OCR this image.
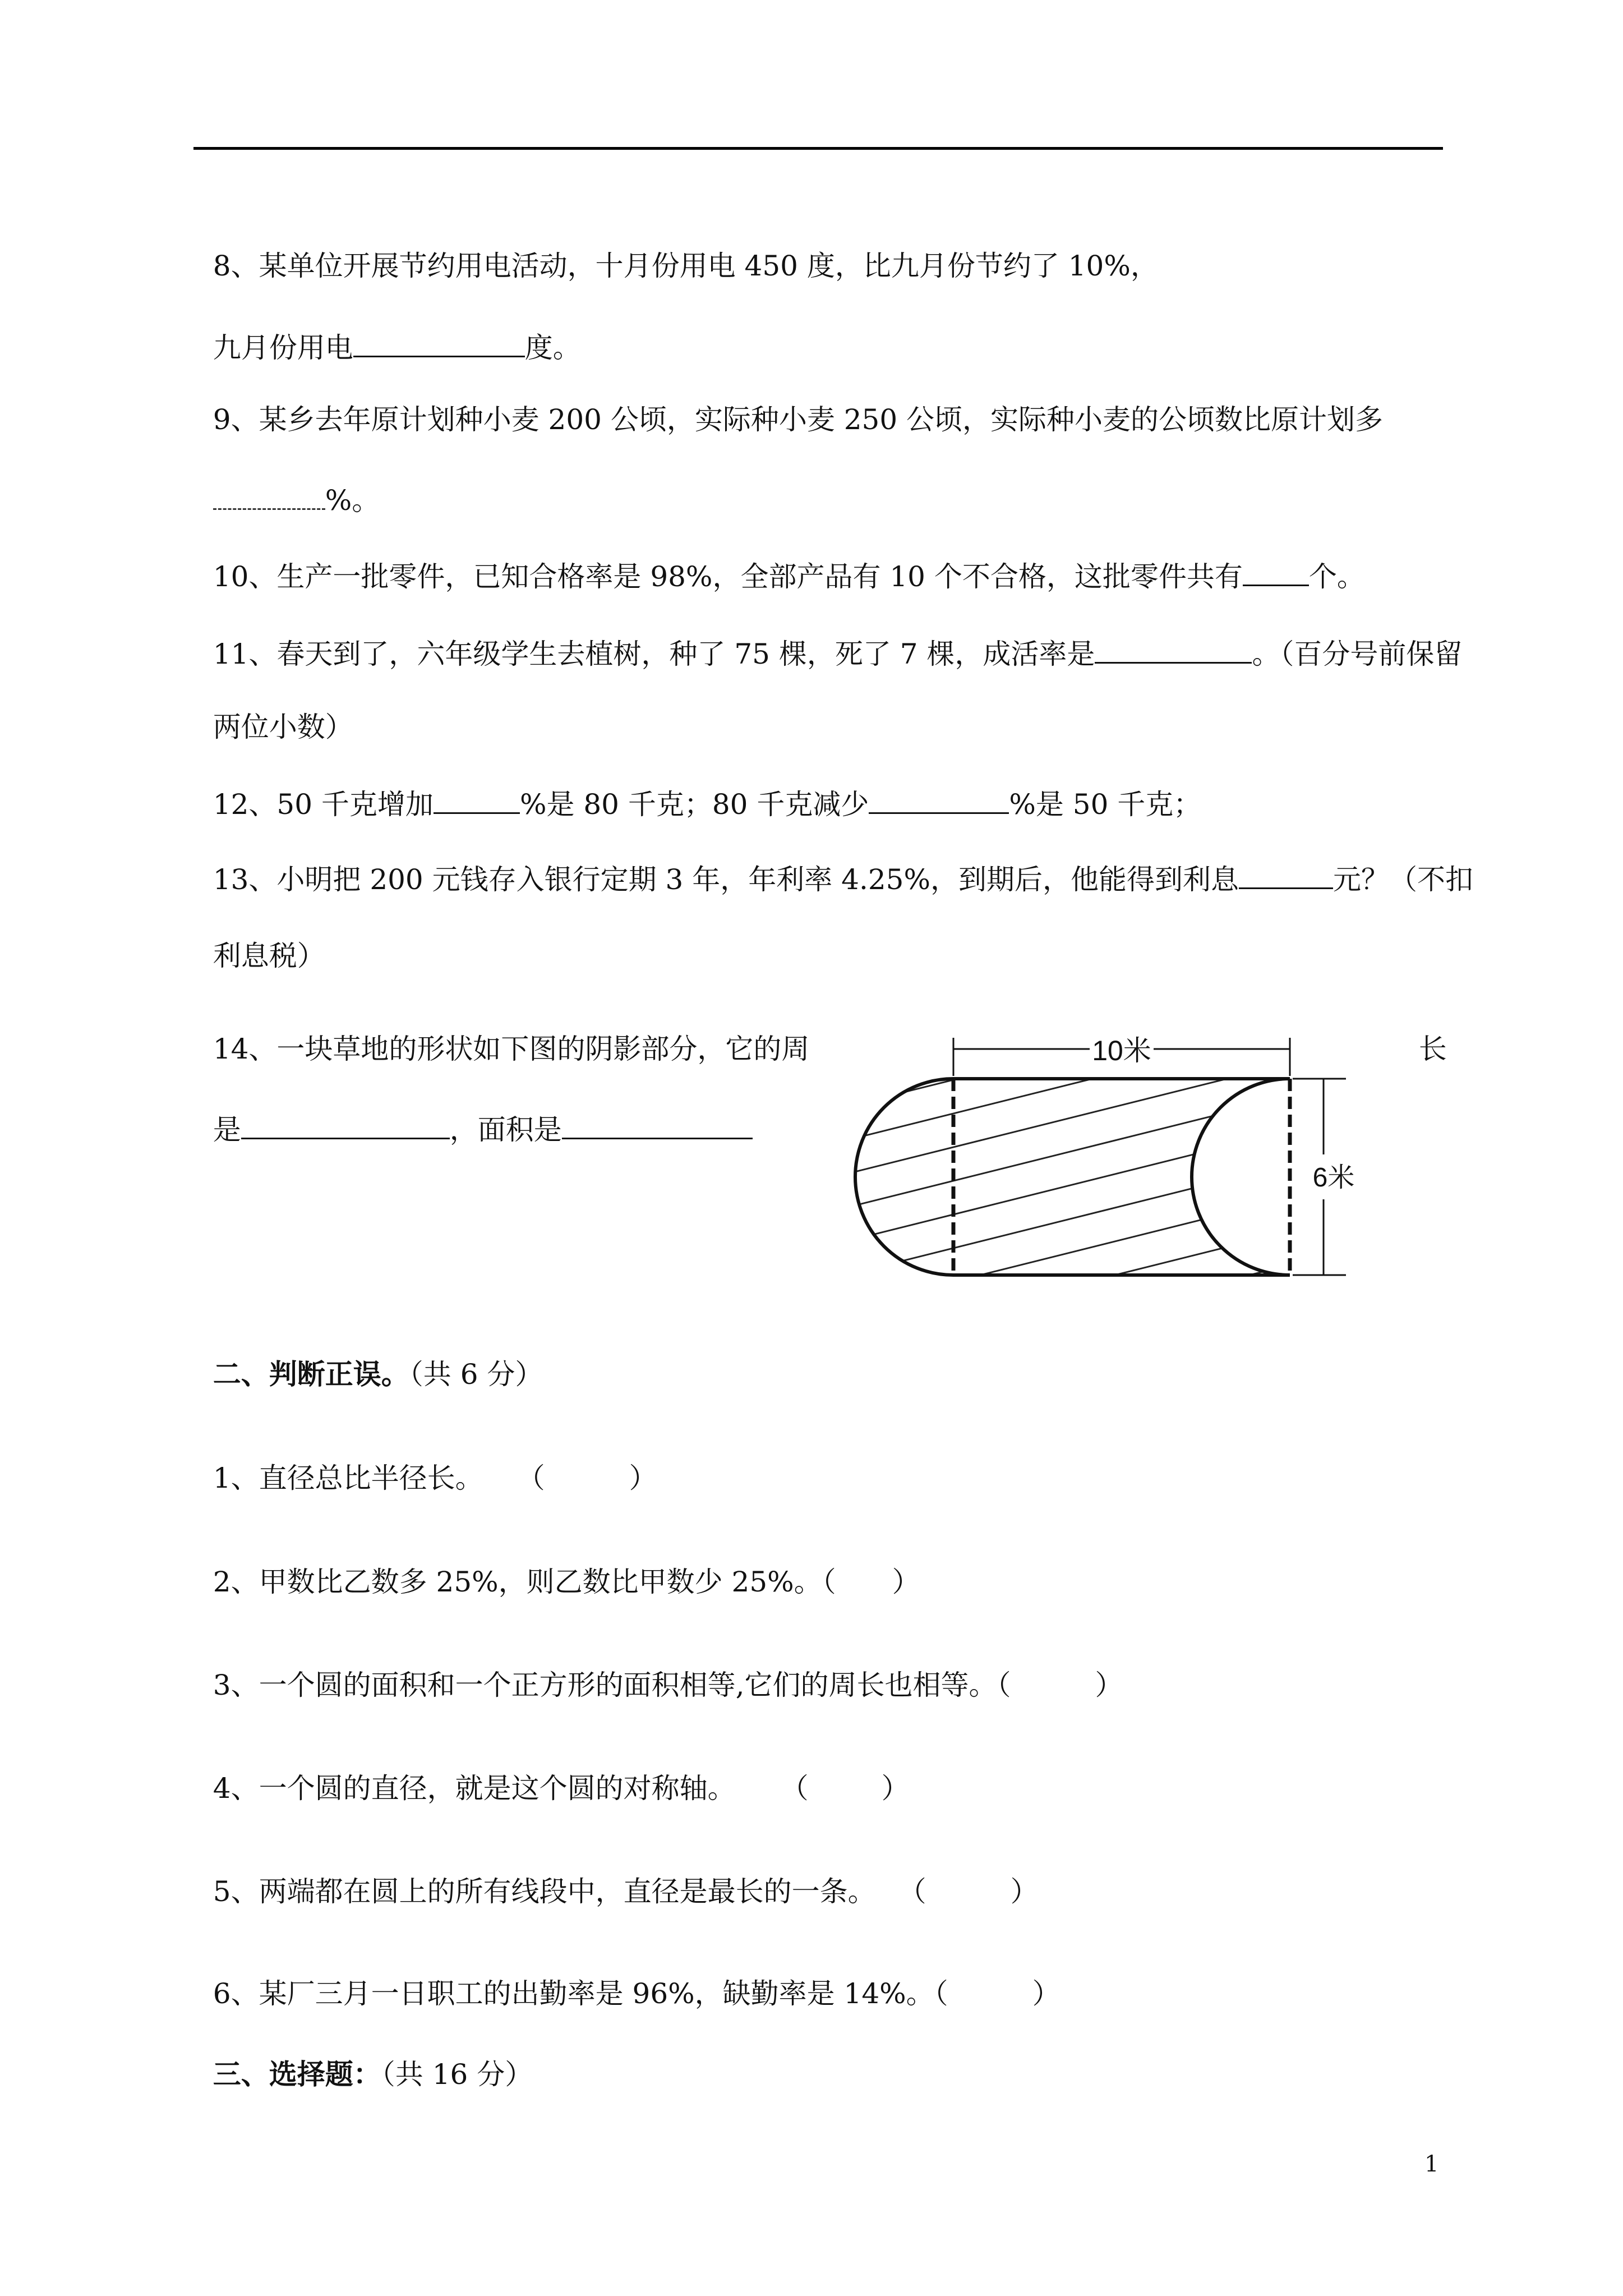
8、某单位开展节约用电活动，十月份用电 450 度，比九月份节约了 10%，

九月份用电	度。

9、某乡去年原计划种小麦 200 公顷，实际种小麦 250 公顷，实际种小麦的公顷数比原计划多

%。

10、生产一批零件，已知合格率是 98%，全部产品有 10 个不合格，这批零件共有 个。

11、春天到了，六年级学生去植树，种了 75 棵，死了 7 棵，成活率是	。（百分号前保留

两位小数）

12、50 千克增加	%是 80 千克；80 千克减少	%是 50 千克；

13、小明把 200 元钱存入银行定期 3 年，年利率 4.25%，到期后，他能得到利息	元？（不扣

利息税）

14、一块草地的形状如下图的阴影部分，它的周	长

是	，面积是

10米
6米

二、判断正误。（共 6 分）

1、直径总比半径长。 （	）

2、甲数比乙数多 25%，则乙数比甲数少 25%。（ ）

3、一个圆的面积和一个正方形的面积相等,它们的周长也相等。（	）

4、一个圆的直径，就是这个圆的对称轴。 （	）

5、两端都在圆上的所有线段中，直径是最长的一条。 （	）

6、某厂三月一日职工的出勤率是 96%，缺勤率是 14%。（	）

三、选择题：（共 16 分）

1
